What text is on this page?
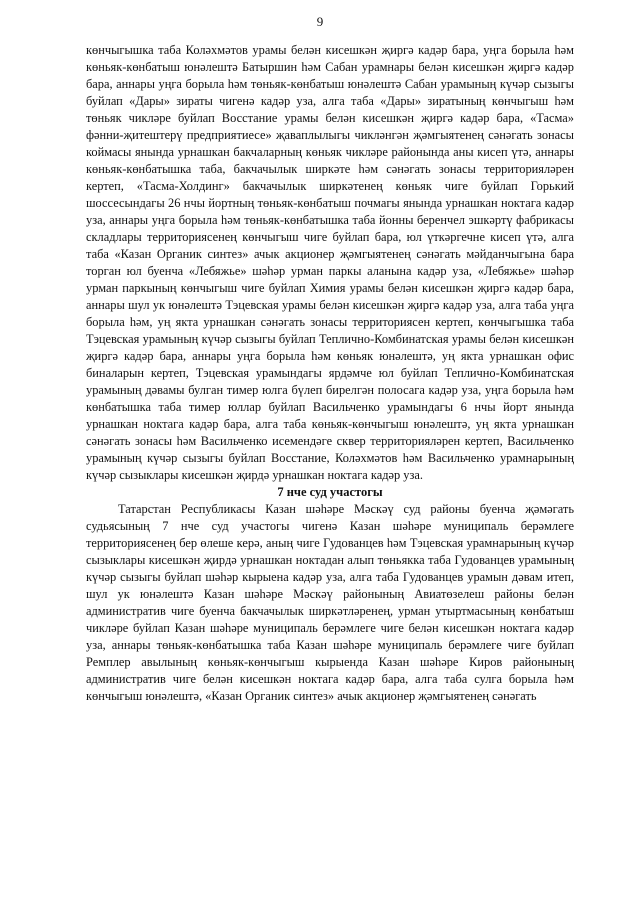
9

көнчыгышка таба Колəхмəтов урамы белəн кисешкəн җиргə кадəр бара, уңга борыла һəм көньяк-көнбатыш юнəлештə Батыршин һəм Сабан урамнары белəн кисешкəн җиргə кадəр бара, аннары уңга борыла һəм төньяк-көнбатыш юнəлештə Сабан урамының күчəр сызыгы буйлап «Дары» зираты чигенə кадəр уза, алга таба «Дары» зиратының көнчыгыш һəм төньяк чиклəре буйлап Восстание урамы белəн кисешкəн җиргə кадəр бара, «Тасма» фəнни-җитештерү предприятиесе» җаваплылыгы чиклəнгəн җəмгыятенең сəнəгать зонасы коймасы янында урнашкан бакчаларның көньяк чиклəре районында аны кисеп үтə, аннары көньяк-көнбатышка таба, бакчачылык ширкəте һəм сəнəгать зонасы территориялəрен кертеп, «Тасма-Холдинг» бакчачылык ширкəтенең көньяк чиге буйлап Горький шоссесындагы 26 нчы йортның төньяк-көнбатыш почмагы янында урнашкан ноктага кадəр уза, аннары уңга борыла һəм төньяк-көнбатышка таба йонны беренчел эшкəртү фабрикасы складлары территориясенең көнчыгыш чиге буйлап бара, юл үткəргечне кисеп үтə, алга таба «Казан Органик синтез» ачык акционер җəмгыятенең сəнəгать мəйданчыгына бара торган юл буенча «Лебяжье» шəһəр урман паркы аланына кадəр уза, «Лебяжье» шəһəр урман паркының көнчыгыш чиге буйлап Химия урамы белəн кисешкəн җиргə кадəр бара, аннары шул ук юнəлештə Тэцевская урамы белəн кисешкəн җиргə кадəр уза, алга таба уңга борыла һəм, уң якта урнашкан сəнəгать зонасы территориясен кертеп, көнчыгышка таба Тэцевская урамының күчəр сызыгы буйлап Теплично-Комбинатская урамы белəн кисешкəн җиргə кадəр бара, аннары уңга борыла һəм көньяк юнəлештə, уң якта урнашкан офис биналарын кертеп, Тэцевская урамындагы ярдəмче юл буйлап Теплично-Комбинатская урамының дəвамы булган тимер юлга бүлеп бирелгəн полосага кадəр уза, уңга борыла һəм көнбатышка таба тимер юллар буйлап Васильченко урамындагы 6 нчы йорт янында урнашкан ноктага кадəр бара, алга таба көньяк-көнчыгыш юнəлештə, уң якта урнашкан сəнəгать зонасы һəм Васильченко исемендəге сквер территориялəрен кертеп, Васильченко урамының күчəр сызыгы буйлап Восстание, Колəхмəтов һəм Васильченко урамнарының күчəр сызыклары кисешкəн җирдə урнашкан ноктага кадəр уза.

7 нче суд участогы

Татарстан Республикасы Казан шəһəре Мəскəү суд районы буенча җəмəгать судьясының 7 нче суд участогы чигенə Казан шəһəре муниципаль берəмлеге территориясенең бер өлеше керə, аның чиге Гудованцев һəм Тэцевская урамнарының күчəр сызыклары кисешкəн җирдə урнашкан ноктадан алып төньякка таба Гудованцев урамының күчəр сызыгы буйлап шəһəр кырыена кадəр уза, алга таба Гудованцев урамын дəвам итеп, шул ук юнəлештə Казан шəһəре Мəскəү районының Авиатөзелеш районы белəн административ чиге буенча бакчачылык ширкəтлəренең, урман утыртмасының көнбатыш чиклəре буйлап Казан шəһəре муниципаль берəмлеге чиге белəн кисешкəн ноктага кадəр уза, аннары төньяк-көнбатышка таба Казан шəһəре муниципаль берəмлеге чиге буйлап Ремплер авылының көньяк-көнчыгыш кырыенда Казан шəһəре Киров районының административ чиге белəн кисешкəн ноктага кадəр бара, алга таба сулга борыла һəм көнчыгыш юнəлештə, «Казан Органик синтез» ачык акционер җəмгыятенең сəнəгать
